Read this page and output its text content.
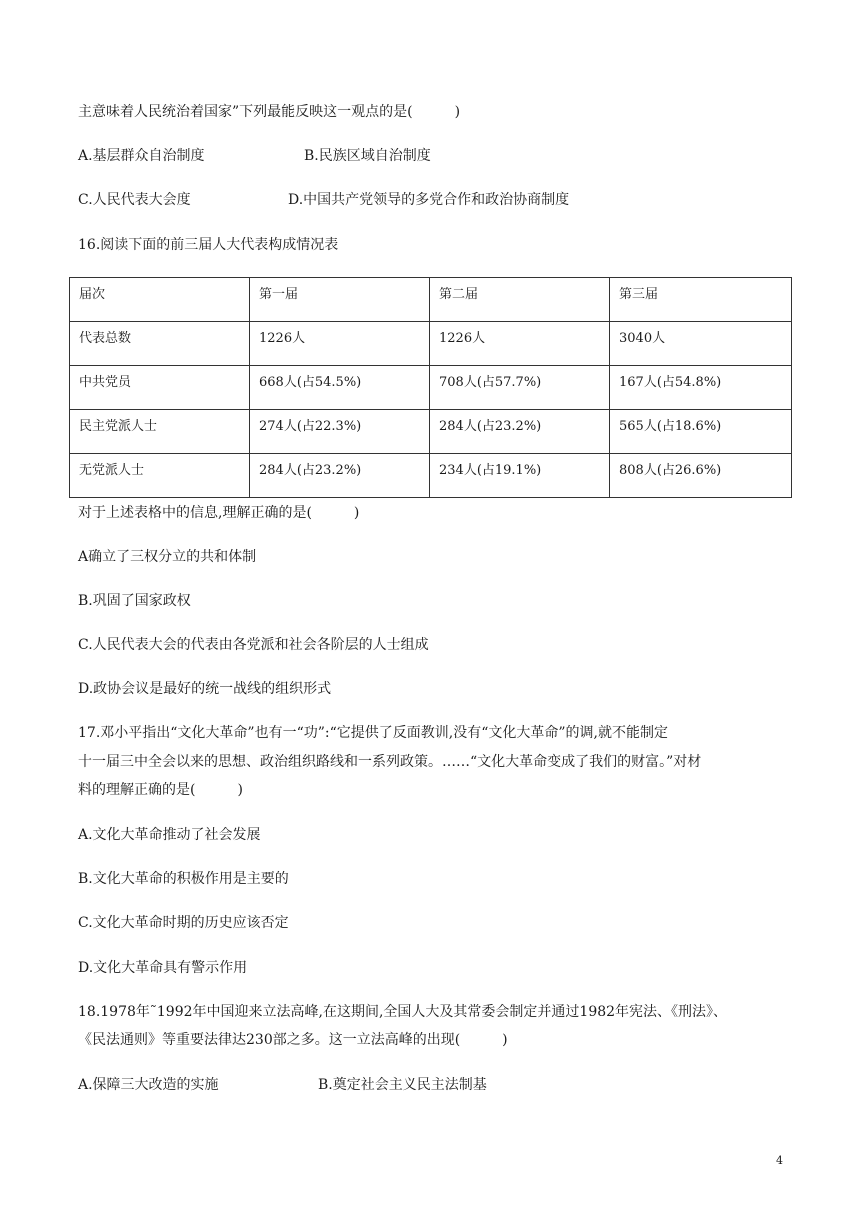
主意味着人民统治着国家”下列最能反映这一观点的是(　　　)
A.基层群众自治制度	B.民族区域自治制度
C.人民代表大会度	D.中国共产党领导的多党合作和政治协商制度
16.阅读下面的前三届人大代表构成情况表
届次	第一届	第二届	第三届
代表总数	1226人	1226人	3040人
中共党员	668人(占54.5%)	708人(占57.7%)	167人(占54.8%)
民主党派人士	274人(占22.3%)	284人(占23.2%)	565人(占18.6%)
无党派人士	284人(占23.2%)	234人(占19.1%)	808人(占26.6%)
对于上述表格中的信息,理解正确的是(　　　)
A确立了三权分立的共和体制
B.巩固了国家政权
C.人民代表大会的代表由各党派和社会各阶层的人士组成
D.政协会议是最好的统一战线的组织形式
17.邓小平指出“文化大革命”也有一“功”:“它提供了反面教训,没有“文化大革命”的调,就不能制定
十一届三中全会以来的思想、政治组织路线和一系列政策。……“文化大革命变成了我们的财富。”对材
料的理解正确的是(　　　)
A.文化大革命推动了社会发展
B.文化大革命的积极作用是主要的
C.文化大革命时期的历史应该否定
D.文化大革命具有警示作用
18.1978年˜1992年中国迎来立法高峰,在这期间,全国人大及其常委会制定并通过1982年宪法、《刑法》、
《民法通则》等重要法律达230部之多。这一立法高峰的出现(　　　)
A.保障三大改造的实施	B.奠定社会主义民主法制基
4
